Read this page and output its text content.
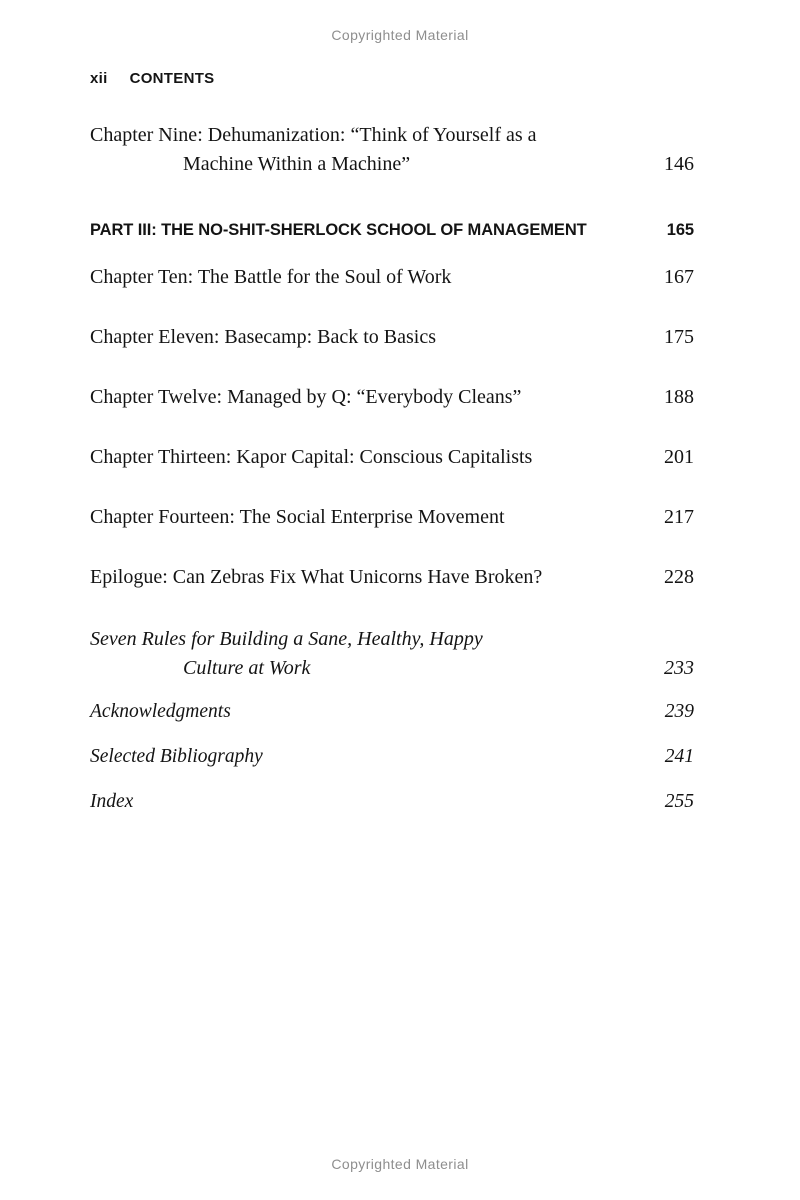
Copyrighted Material
xii CONTENTS
Chapter Nine: Dehumanization: “Think of Yourself as a
Machine Within a Machine”	146
PART III: THE NO-SHIT-SHERLOCK SCHOOL OF MANAGEMENT	165
Chapter Ten: The Battle for the Soul of Work	167
Chapter Eleven: Basecamp: Back to Basics	175
Chapter Twelve: Managed by Q: “Everybody Cleans”	188
Chapter Thirteen: Kapor Capital: Conscious Capitalists	201
Chapter Fourteen: The Social Enterprise Movement	217
Epilogue: Can Zebras Fix What Unicorns Have Broken?	228
Seven Rules for Building a Sane, Healthy, Happy
Culture at Work	233
Acknowledgments	239
Selected Bibliography	241
Index	255
Copyrighted Material
